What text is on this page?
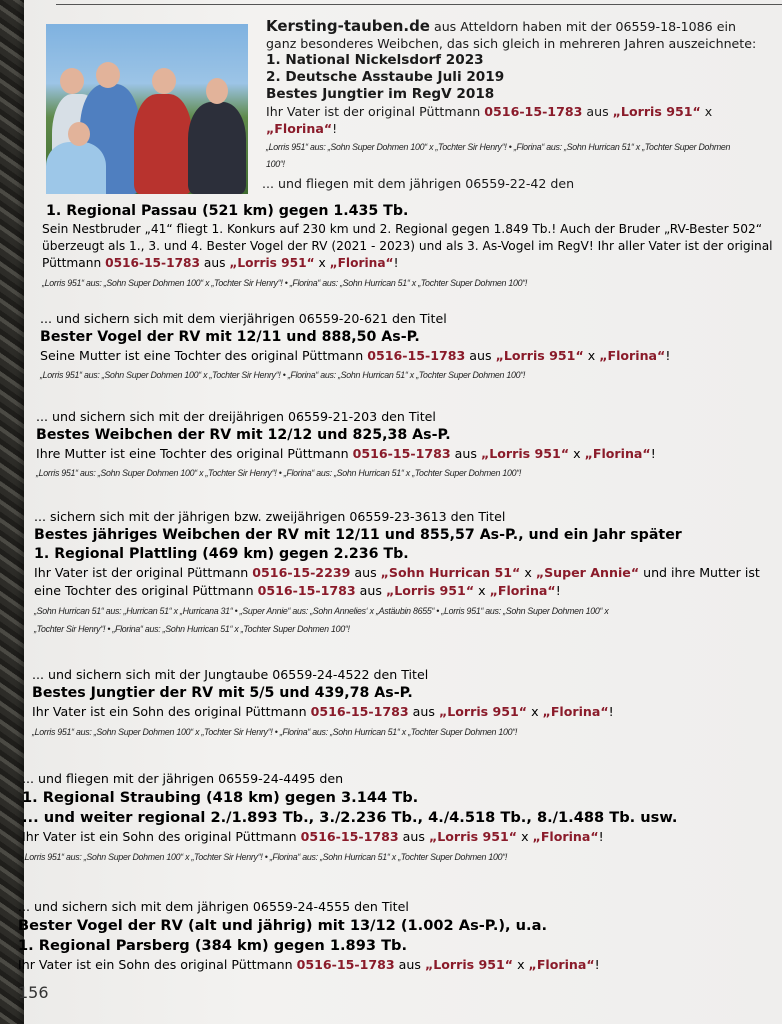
Kersting-tauben.de aus Atteldorn haben mit der 06559-18-1086 ein ganz besonderes Weibchen, das sich gleich in mehreren Jahren auszeichnete:

1. National Nickelsdorf 2023

2. Deutsche Asstaube Juli 2019

Bestes Jungtier im RegV 2018

Ihr Vater ist der original Püttmann 0516-15-1783 aus „Lorris 951“ x „Florina“!

„Lorris 951“ aus: „Sohn Super Dohmen 100“ x „Tochter Sir Henry“! • „Florina“ aus: „Sohn Hurrican 51“ x „Tochter Super Dohmen

100“!

... und fliegen mit dem jährigen 06559-22-42 den

1. Regional Passau (521 km) gegen 1.435 Tb.

Sein Nestbruder „41“ fliegt 1. Konkurs auf 230 km und 2. Regional gegen 1.849 Tb.! Auch der Bruder „RV-Bester 502“

überzeugt als 1., 3. und 4. Bester Vogel der RV (2021 - 2023) und als 3. As-Vogel im RegV! Ihr aller Vater ist der original

Püttmann 0516-15-1783 aus „Lorris 951“ x „Florina“!

„Lorris 951“ aus: „Sohn Super Dohmen 100“ x „Tochter Sir Henry“! • „Florina“ aus: „Sohn Hurrican 51“ x „Tochter Super Dohmen 100“!

... und sichern sich mit dem vierjährigen 06559-20-621 den Titel

Bester Vogel der RV mit 12/11 und 888,50 As-P.

Seine Mutter ist eine Tochter des original Püttmann 0516-15-1783 aus „Lorris 951“ x „Florina“!

„Lorris 951“ aus: „Sohn Super Dohmen 100“ x „Tochter Sir Henry“! • „Florina“ aus: „Sohn Hurrican 51“ x „Tochter Super Dohmen 100“!

... und sichern sich mit der dreijährigen 06559-21-203 den Titel

Bestes Weibchen der RV mit 12/12 und 825,38 As-P.

Ihre Mutter ist eine Tochter des original Püttmann 0516-15-1783 aus „Lorris 951“ x „Florina“!

„Lorris 951“ aus: „Sohn Super Dohmen 100“ x „Tochter Sir Henry“! • „Florina“ aus: „Sohn Hurrican 51“ x „Tochter Super Dohmen 100“!

... sichern sich mit der jährigen bzw. zweijährigen 06559-23-3613 den Titel

Bestes jähriges Weibchen der RV mit 12/11 und 855,57 As-P., und ein Jahr später

1. Regional Plattling (469 km) gegen 2.236 Tb.

Ihr Vater ist der original Püttmann 0516-15-2239 aus „Sohn Hurrican 51“ x „Super Annie“ und ihre Mutter ist

eine Tochter des original Püttmann 0516-15-1783 aus „Lorris 951“ x „Florina“!

„Sohn Hurrican 51“ aus: „Hurrican 51“ x „Hurricana 31“ • „Super Annie“ aus: „Sohn Annelies‘ x „Astäubin 8655“ • „Lorris 951“ aus: „Sohn Super Dohmen 100“ x

„Tochter Sir Henry“! • „Florina“ aus: „Sohn Hurrican 51“ x „Tochter Super Dohmen 100“!

... und sichern sich mit der Jungtaube 06559-24-4522 den Titel

Bestes Jungtier der RV mit 5/5 und 439,78 As-P.

Ihr Vater ist ein Sohn des original Püttmann 0516-15-1783 aus „Lorris 951“ x „Florina“!

„Lorris 951“ aus: „Sohn Super Dohmen 100“ x „Tochter Sir Henry“! • „Florina“ aus: „Sohn Hurrican 51“ x „Tochter Super Dohmen 100“!

... und fliegen mit der jährigen 06559-24-4495 den

1. Regional Straubing (418 km) gegen 3.144 Tb.

... und weiter regional 2./1.893 Tb., 3./2.236 Tb., 4./4.518 Tb., 8./1.488 Tb. usw.

Ihr Vater ist ein Sohn des original Püttmann 0516-15-1783 aus „Lorris 951“ x „Florina“!

„Lorris 951“ aus: „Sohn Super Dohmen 100“ x „Tochter Sir Henry“! • „Florina“ aus: „Sohn Hurrican 51“ x „Tochter Super Dohmen 100“!

... und sichern sich mit dem jährigen 06559-24-4555 den Titel

Bester Vogel der RV (alt und jährig) mit 13/12 (1.002 As-P.), u.a.

1. Regional Parsberg (384 km) gegen 1.893 Tb.

Ihr Vater ist ein Sohn des original Püttmann 0516-15-1783 aus „Lorris 951“ x „Florina“!

156
